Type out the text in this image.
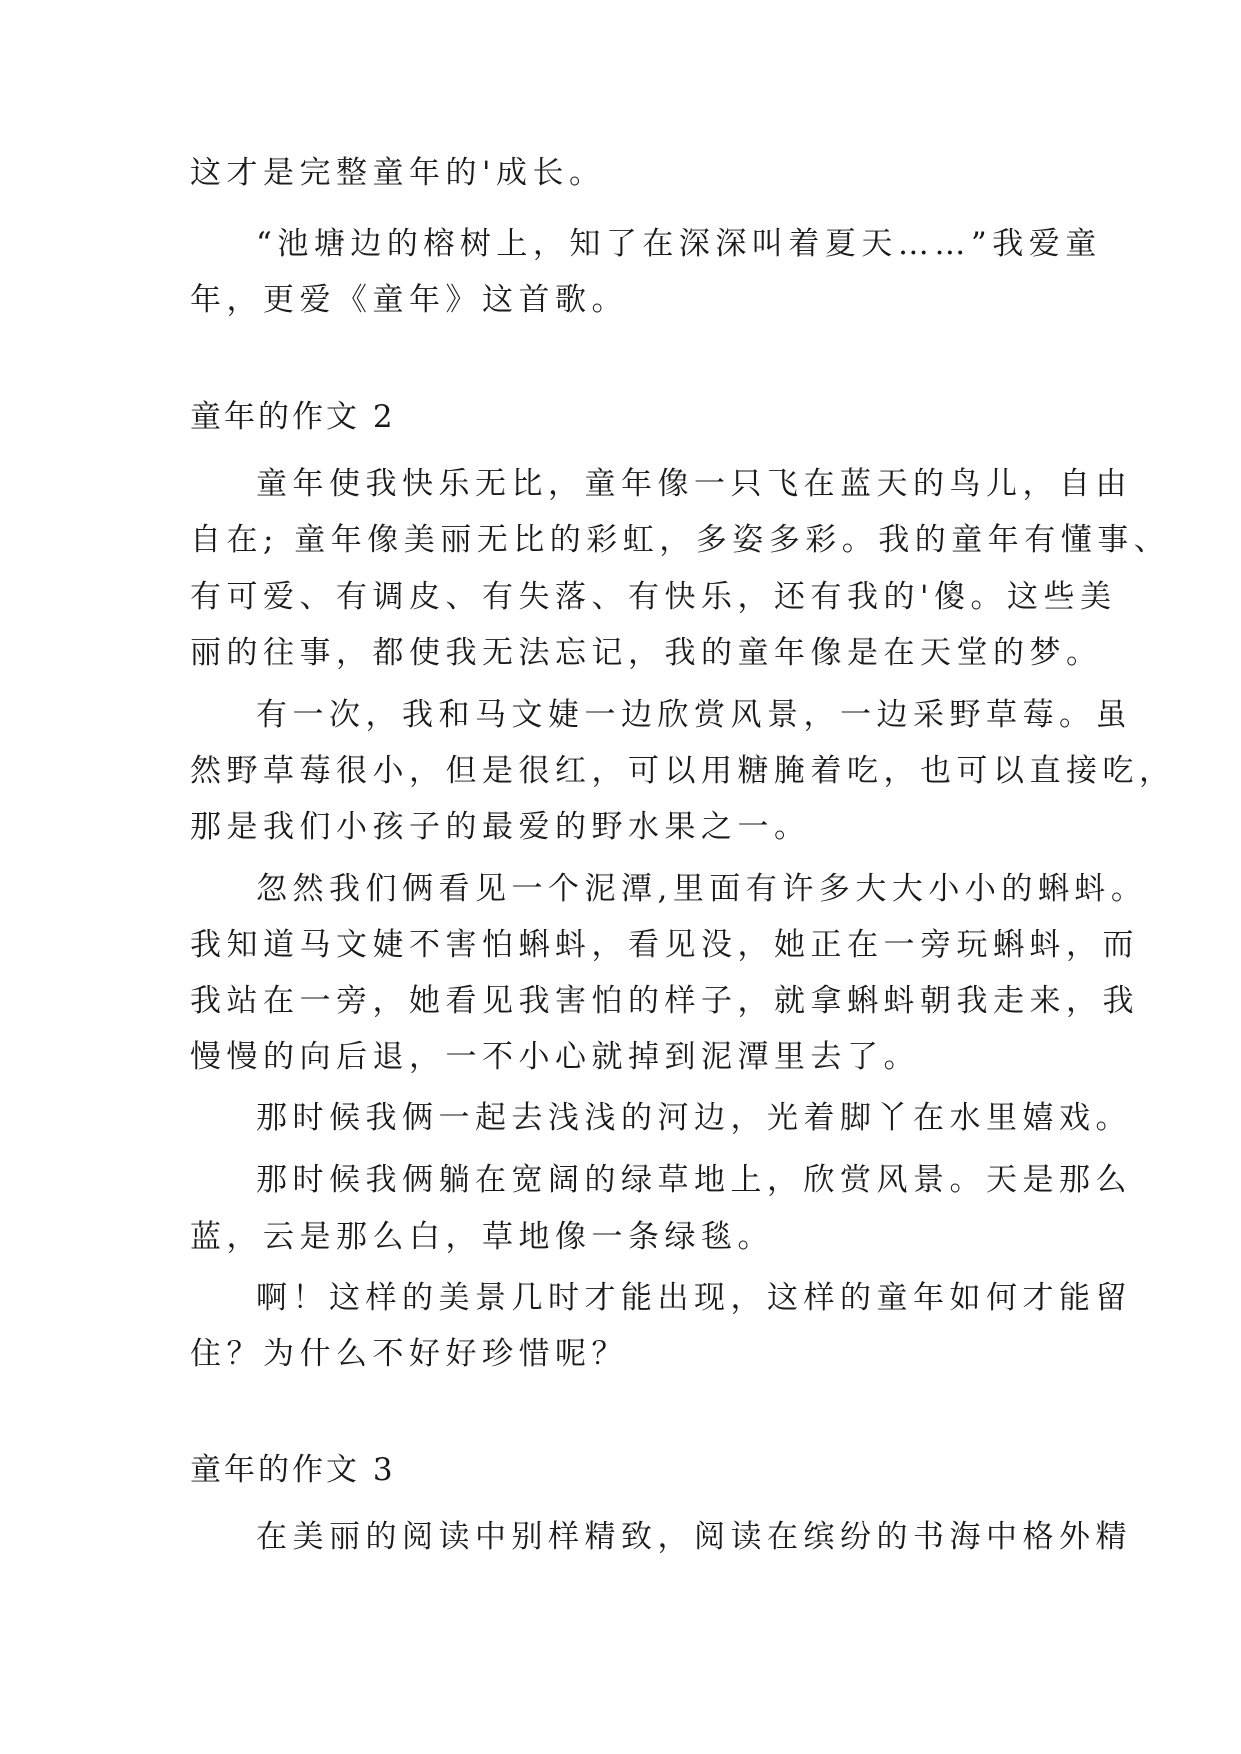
这才是完整童年的'成长。
“池塘边的榕树上，知了在深深叫着夏天……”我爱童
年，更爱《童年》这首歌。
童年的作文 2
童年使我快乐无比，童年像一只飞在蓝天的鸟儿，自由
自在; 童年像美丽无比的彩虹，多姿多彩。我的童年有懂事、
有可爱、有调皮、有失落、有快乐，还有我的'傻。这些美
丽的往事，都使我无法忘记，我的童年像是在天堂的梦。
有一次，我和马文婕一边欣赏风景，一边采野草莓。虽
然野草莓很小，但是很红，可以用糖腌着吃，也可以直接吃，
那是我们小孩子的最爱的野水果之一。
忽然我们俩看见一个泥潭,里面有许多大大小小的蝌蚪。
我知道马文婕不害怕蝌蚪，看见没，她正在一旁玩蝌蚪，而
我站在一旁，她看见我害怕的样子，就拿蝌蚪朝我走来，我
慢慢的向后退，一不小心就掉到泥潭里去了。
那时候我俩一起去浅浅的河边，光着脚丫在水里嬉戏。
那时候我俩躺在宽阔的绿草地上，欣赏风景。天是那么
蓝，云是那么白，草地像一条绿毯。
啊！这样的美景几时才能出现，这样的童年如何才能留
住？为什么不好好珍惜呢？
童年的作文 3
在美丽的阅读中别样精致，阅读在缤纷的书海中格外精
